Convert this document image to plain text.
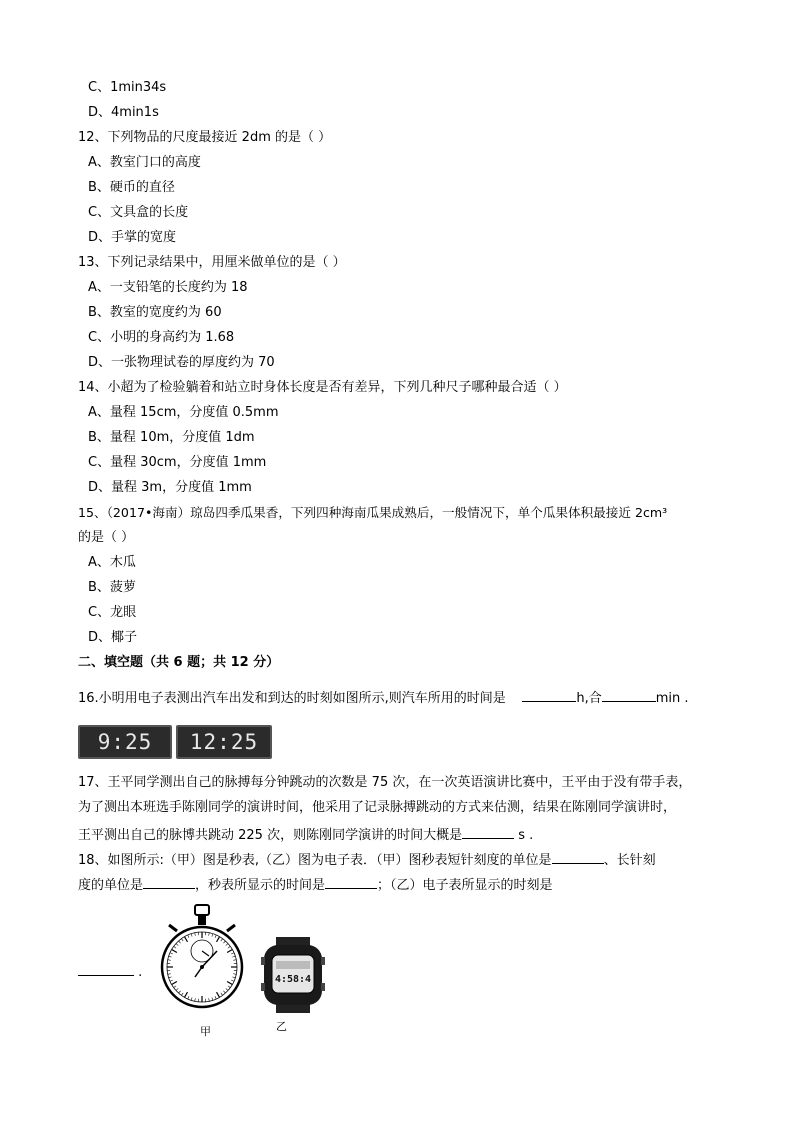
C、1min34s
D、4min1s
12、下列物品的尺度最接近 2dm 的是（ ）
A、教室门口的高度
B、硬币的直径
C、文具盒的长度
D、手掌的宽度
13、下列记录结果中，用厘米做单位的是（ ）
A、一支铅笔的长度约为 18
B、教室的宽度约为 60
C、小明的身高约为 1.68
D、一张物理试卷的厚度约为 70
14、小超为了检验躺着和站立时身体长度是否有差异，下列几种尺子哪种最合适（ ）
A、量程 15cm，分度值 0.5mm
B、量程 10m，分度值 1dm
C、量程 30cm，分度值 1mm
D、量程 3m，分度值 1mm
15、（2017•海南）琼岛四季瓜果香，下列四种海南瓜果成熟后，一般情况下，单个瓜果体积最接近 2cm³
的是（ ）
A、木瓜
B、菠萝
C、龙眼
D、椰子
二、填空题（共 6 题；共 12 分）
16.小明用电子表测出汽车出发和到达的时刻如图所示,则汽车所用的时间是	h,合	min .
9:25	12:25
17、王平同学测出自己的脉搏每分钟跳动的次数是 75 次，在一次英语演讲比赛中，王平由于没有带手表，
为了测出本班选手陈刚同学的演讲时间，他采用了记录脉搏跳动的方式来估测，结果在陈刚同学演讲时，
王平测出自己的脉博共跳动 225 次，则陈刚同学演讲的时间大概是	s .
18、如图所示:（甲）图是秒表,（乙）图为电子表．（甲）图秒表短针刻度的单位是	、长针刻
度的单位是	，秒表所显示的时间是	；（乙）电子表所显示的时刻是
.
甲
4:58:4
乙
